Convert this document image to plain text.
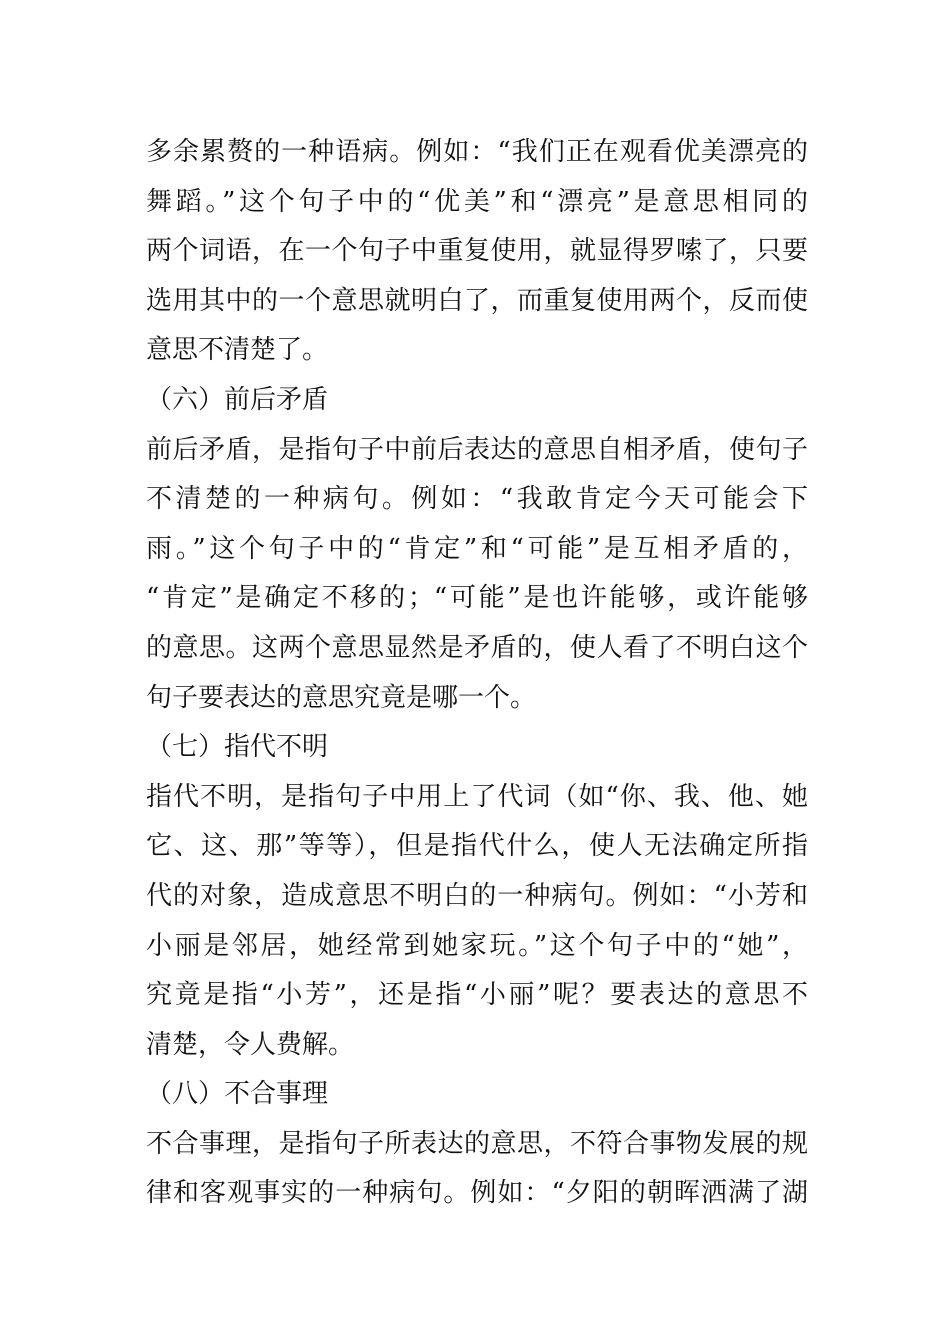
多余累赘的一种语病。例如：“我们正在观看优美漂亮的
舞蹈。”这个句子中的“优美”和“漂亮”是意思相同的
两个词语，在一个句子中重复使用，就显得罗嗦了，只要
选用其中的一个意思就明白了，而重复使用两个，反而使
意思不清楚了。
（六）前后矛盾
前后矛盾，是指句子中前后表达的意思自相矛盾，使句子
不清楚的一种病句。例如：“我敢肯定今天可能会下
雨。”这个句子中的“肯定”和“可能”是互相矛盾的，
“肯定”是确定不移的；“可能”是也许能够，或许能够
的意思。这两个意思显然是矛盾的，使人看了不明白这个
句子要表达的意思究竟是哪一个。
（七）指代不明
指代不明，是指句子中用上了代词（如“你、我、他、她
它、这、那”等等），但是指代什么，使人无法确定所指
代的对象，造成意思不明白的一种病句。例如：“小芳和
小丽是邻居，她经常到她家玩。”这个句子中的“她”，
究竟是指“小芳”，还是指“小丽”呢？要表达的意思不
清楚，令人费解。
（八）不合事理
不合事理，是指句子所表达的意思，不符合事物发展的规
律和客观事实的一种病句。例如：“夕阳的朝晖洒满了湖
